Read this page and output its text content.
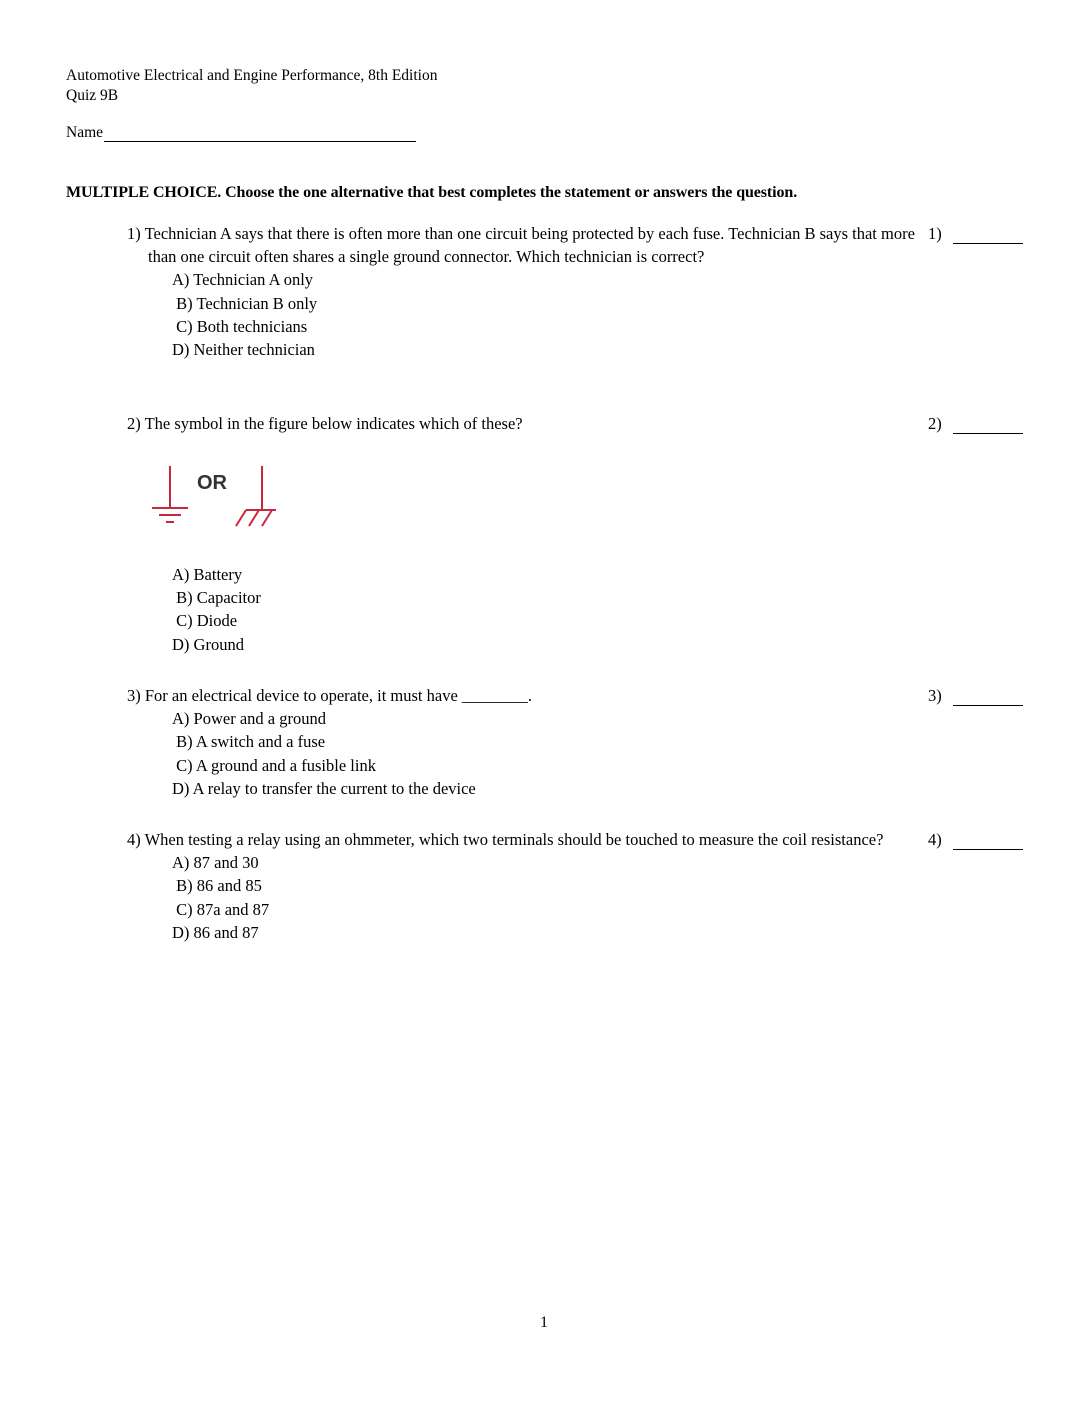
Automotive Electrical and Engine Performance, 8th Edition
Quiz 9B
Name
MULTIPLE CHOICE. Choose the one alternative that best completes the statement or answers the question.
1) Technician A says that there is often more than one circuit being protected by each fuse. Technician B says that more than one circuit often shares a single ground connector. Which technician is correct?
A) Technician A only
B) Technician B only
C) Both technicians
D) Neither technician
1)
2) The symbol in the figure below indicates which of these?	2)
OR
A) Battery
B) Capacitor
C) Diode
D) Ground
3) For an electrical device to operate, it must have ________.
A) Power and a ground
B) A switch and a fuse
C) A ground and a fusible link
D) A relay to transfer the current to the device
3)
4) When testing a relay using an ohmmeter, which two terminals should be touched to measure the coil resistance?
A) 87 and 30
B) 86 and 85
C) 87a and 87
D) 86 and 87
4)
1
